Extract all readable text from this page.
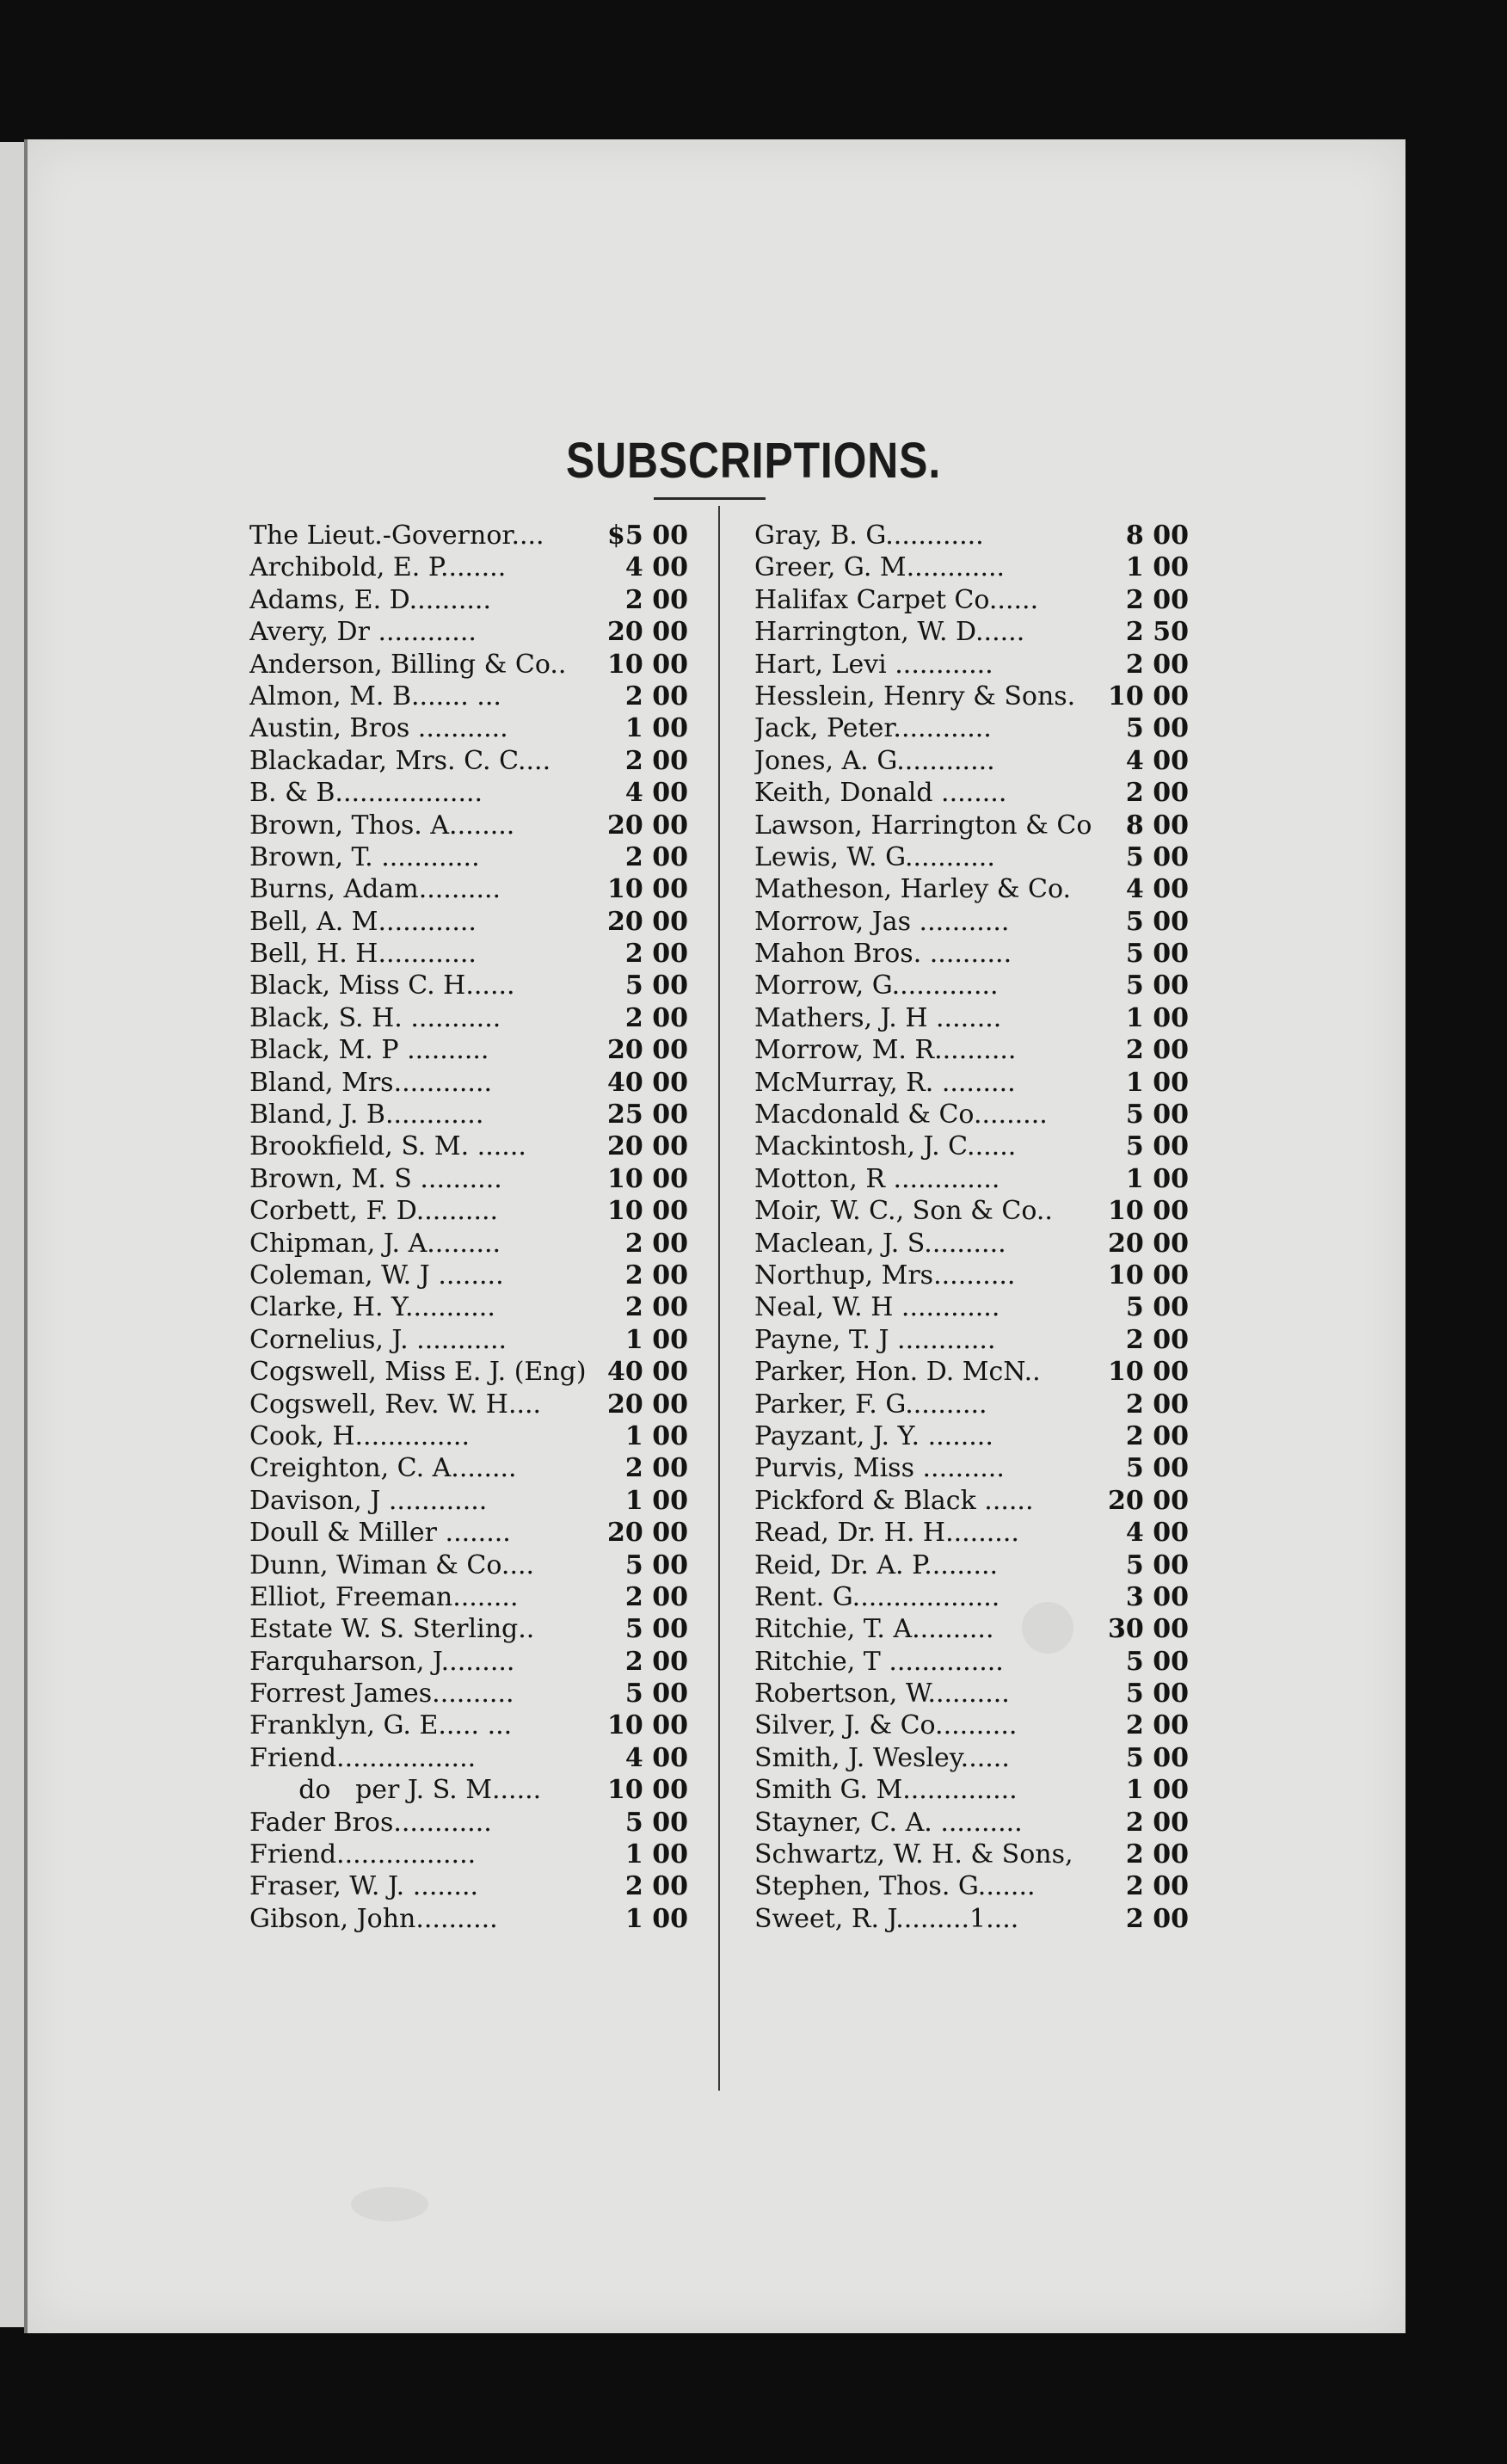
SUBSCRIPTIONS.
The Lieut.-Governor....	$5 00
Archibold, E. P........	4 00
Adams, E. D..........	2 00
Avery, Dr ............	20 00
Anderson, Billing & Co..	10 00
Almon, M. B....... ...	2 00
Austin, Bros ...........	1 00
Blackadar, Mrs. C. C....	2 00
B. & B..................	4 00
Brown, Thos. A........	20 00
Brown, T. ............	2 00
Burns, Adam..........	10 00
Bell, A. M............	20 00
Bell, H. H............	2 00
Black, Miss C. H......	5 00
Black, S. H. ...........	2 00
Black, M. P ..........	20 00
Bland, Mrs............	40 00
Bland, J. B............	25 00
Brookfield, S. M. ......	20 00
Brown, M. S ..........	10 00
Corbett, F. D..........	10 00
Chipman, J. A.........	2 00
Coleman, W. J ........	2 00
Clarke, H. Y...........	2 00
Cornelius, J. ...........	1 00
Cogswell, Miss E. J. (Eng) 40 00
Cogswell, Rev. W. H....	20 00
Cook, H..............	1 00
Creighton, C. A........	2 00
Davison, J ............	1 00
Doull & Miller ........	20 00
Dunn, Wiman & Co....	5 00
Elliot, Freeman........	2 00
Estate W. S. Sterling..	5 00
Farquharson, J.........	2 00
Forrest James..........	5 00
Franklyn, G. E..... ...	10 00
Friend.................	4 00
do   per J. S. M......	10 00
Fader Bros............	5 00
Friend.................	1 00
Fraser, W. J. ........	2 00
Gibson, John..........	1 00
Gray, B. G............	8 00
Greer, G. M............	1 00
Halifax Carpet Co......	2 00
Harrington, W. D......	2 50
Hart, Levi ............	2 00
Hesslein, Henry & Sons.	10 00
Jack, Peter............	5 00
Jones, A. G............	4 00
Keith, Donald ........	2 00
Lawson, Harrington & Co	8 00
Lewis, W. G...........	5 00
Matheson, Harley & Co.	4 00
Morrow, Jas ...........	5 00
Mahon Bros. ..........	5 00
Morrow, G.............	5 00
Mathers, J. H ........	1 00
Morrow, M. R..........	2 00
McMurray, R. .........	1 00
Macdonald & Co.........	5 00
Mackintosh, J. C......	5 00
Motton, R .............	1 00
Moir, W. C., Son & Co..	10 00
Maclean, J. S..........	20 00
Northup, Mrs..........	10 00
Neal, W. H ............	5 00
Payne, T. J ............	2 00
Parker, Hon. D. McN..	10 00
Parker, F. G..........	2 00
Payzant, J. Y. ........	2 00
Purvis, Miss ..........	5 00
Pickford & Black ......	20 00
Read, Dr. H. H.........	4 00
Reid, Dr. A. P.........	5 00
Rent. G..................	3 00
Ritchie, T. A..........	30 00
Ritchie, T ..............	5 00
Robertson, W..........	5 00
Silver, J. & Co..........	2 00
Smith, J. Wesley......	5 00
Smith G. M..............	1 00
Stayner, C. A. ..........	2 00
Schwartz, W. H. & Sons,	2 00
Stephen, Thos. G.......	2 00
Sweet, R. J.........1....	2 00
